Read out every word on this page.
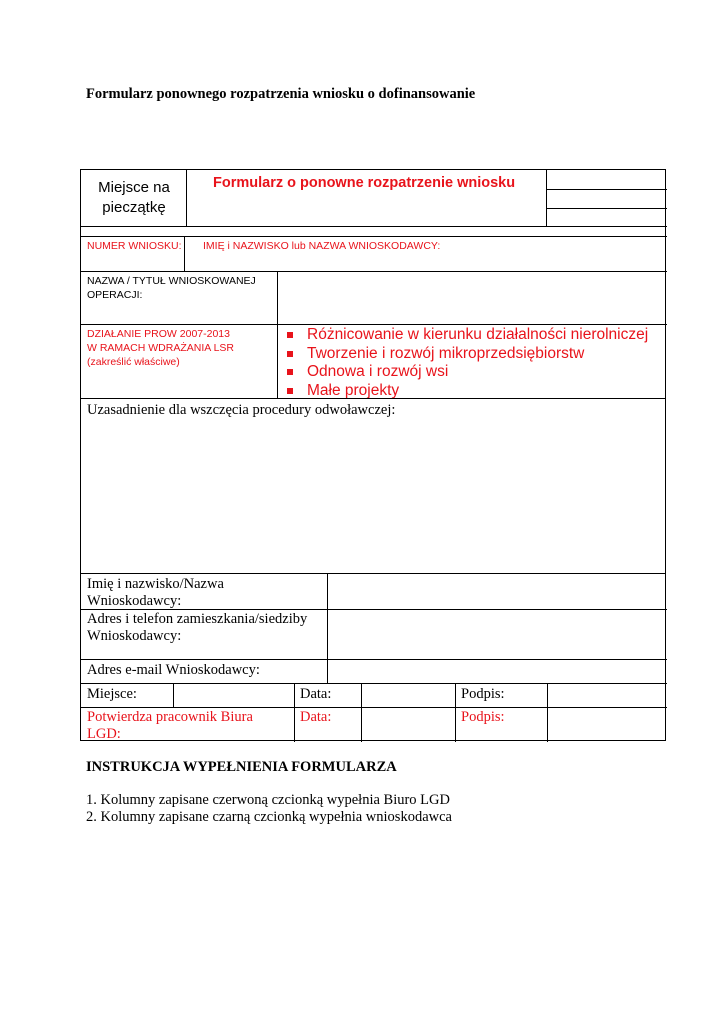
Formularz ponownego rozpatrzenia wniosku o dofinansowanie
Miejsce na
pieczątkę
Formularz o ponowne rozpatrzenie wniosku
NUMER WNIOSKU: IMIĘ i NAZWISKO lub NAZWA WNIOSKODAWCY:
NAZWA / TYTUŁ WNIOSKOWANEJ
OPERACJI:
DZIAŁANIE PROW 2007-2013
W RAMACH WDRAŻANIA LSR
(zakreślić właściwe)
Różnicowanie w kierunku działalności nierolniczej
Tworzenie i rozwój mikroprzedsiębiorstw
Odnowa i rozwój wsi
Małe projekty
Uzasadnienie dla wszczęcia procedury odwoławczej:
Imię i nazwisko/Nazwa
Wnioskodawcy:
Adres i telefon zamieszkania/siedziby
Wnioskodawcy:
Adres e-mail Wnioskodawcy:
Miejsce:	Data:	Podpis:
Potwierdza pracownik Biura
LGD:
Data:	Podpis:
INSTRUKCJA WYPEŁNIENIA FORMULARZA
1. Kolumny zapisane czerwoną czcionką wypełnia Biuro LGD
2. Kolumny zapisane czarną czcionką wypełnia wnioskodawca
